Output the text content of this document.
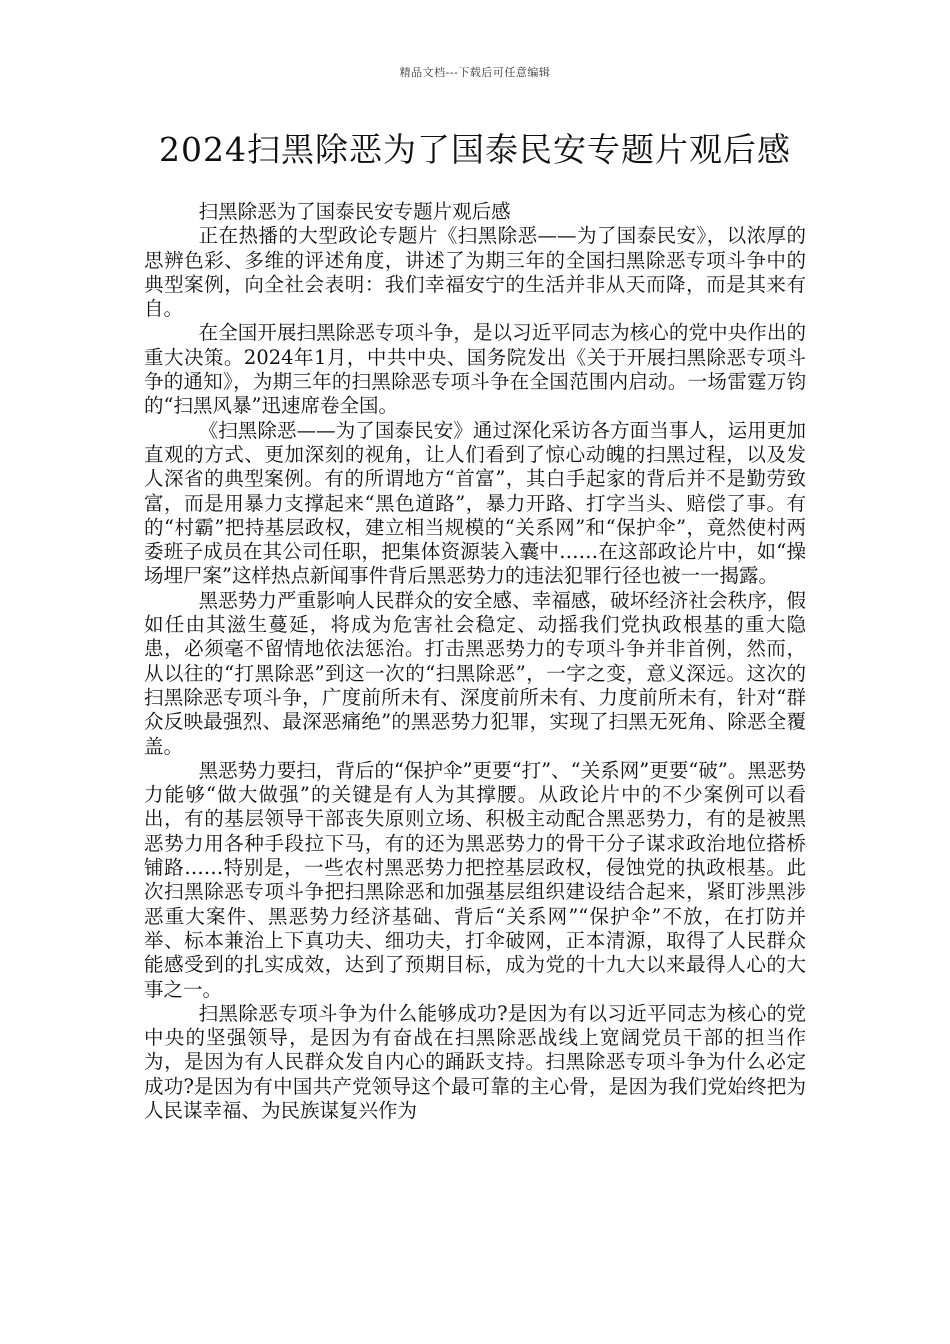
精品文档---下载后可任意编辑
2024扫黑除恶为了国泰民安专题片观后感

扫黑除恶为了国泰民安专题片观后感

正在热播的大型政论专题片《扫黑除恶——为了国泰民安》，以浓厚的思辨色彩、多维的评述角度，讲述了为期三年的全国扫黑除恶专项斗争中的典型案例，向全社会表明：我们幸福安宁的生活并非从天而降，而是其来有自。

在全国开展扫黑除恶专项斗争，是以习近平同志为核心的党中央作出的重大决策。2024年1月，中共中央、国务院发出《关于开展扫黑除恶专项斗争的通知》，为期三年的扫黑除恶专项斗争在全国范围内启动。一场雷霆万钧的“扫黑风暴”迅速席卷全国。

《扫黑除恶——为了国泰民安》通过深化采访各方面当事人，运用更加直观的方式、更加深刻的视角，让人们看到了惊心动魄的扫黑过程，以及发人深省的典型案例。有的所谓地方“首富”，其白手起家的背后并不是勤劳致富，而是用暴力支撑起来“黑色道路”，暴力开路、打字当头、赔偿了事。有的“村霸”把持基层政权，建立相当规模的“关系网”和“保护伞”，竟然使村两委班子成员在其公司任职，把集体资源装入囊中……在这部政论片中，如“操场埋尸案”这样热点新闻事件背后黑恶势力的违法犯罪行径也被一一揭露。

黑恶势力严重影响人民群众的安全感、幸福感，破坏经济社会秩序，假如任由其滋生蔓延，将成为危害社会稳定、动摇我们党执政根基的重大隐患，必须毫不留情地依法惩治。打击黑恶势力的专项斗争并非首例，然而，从以往的“打黑除恶”到这一次的“扫黑除恶”，一字之变，意义深远。这次的扫黑除恶专项斗争，广度前所未有、深度前所未有、力度前所未有，针对“群众反映最强烈、最深恶痛绝”的黑恶势力犯罪，实现了扫黑无死角、除恶全覆盖。

黑恶势力要扫，背后的“保护伞”更要“打”、“关系网”更要“破”。黑恶势力能够“做大做强”的关键是有人为其撑腰。从政论片中的不少案例可以看出，有的基层领导干部丧失原则立场、积极主动配合黑恶势力，有的是被黑恶势力用各种手段拉下马，有的还为黑恶势力的骨干分子谋求政治地位搭桥铺路……特别是，一些农村黑恶势力把控基层政权，侵蚀党的执政根基。此次扫黑除恶专项斗争把扫黑除恶和加强基层组织建设结合起来，紧盯涉黑涉恶重大案件、黑恶势力经济基础、背后“关系网”“保护伞”不放，在打防并举、标本兼治上下真功夫、细功夫，打伞破网，正本清源，取得了人民群众能感受到的扎实成效，达到了预期目标，成为党的十九大以来最得人心的大事之一。

扫黑除恶专项斗争为什么能够成功?是因为有以习近平同志为核心的党中央的坚强领导，是因为有奋战在扫黑除恶战线上宽阔党员干部的担当作为，是因为有人民群众发自内心的踊跃支持。扫黑除恶专项斗争为什么必定成功?是因为有中国共产党领导这个最可靠的主心骨，是因为我们党始终把为人民谋幸福、为民族谋复兴作为
